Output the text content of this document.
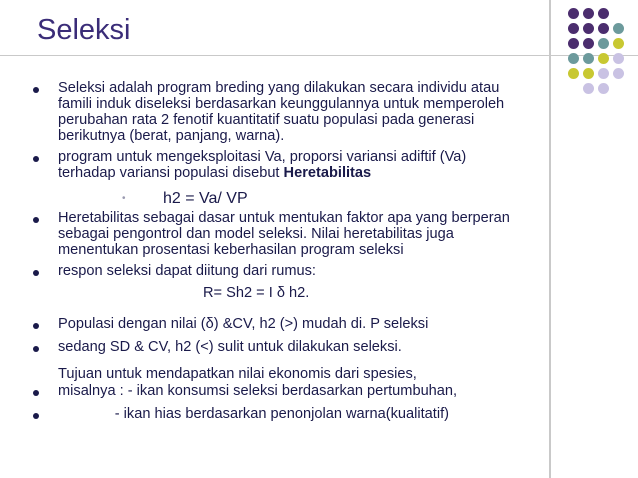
Seleksi
Seleksi adalah program breding yang dilakukan secara individu atau
famili induk diseleksi berdasarkan keunggulannya untuk memperoleh
perubahan rata 2 fenotif kuantitatif suatu populasi pada generasi
berikutnya (berat, panjang, warna).
program untuk mengeksploitasi Va, proporsi variansi adiftif (Va)
terhadap variansi populasi disebut Heretabilitas
• h2 = Va/ VP
Heretabilitas sebagai dasar untuk mentukan faktor apa yang berperan
sebagai pengontrol dan model seleksi. Nilai heretabilitas juga
menentukan prosentasi keberhasilan program seleksi
respon seleksi dapat diitung dari rumus:
R= Sh2 = I δ h2.
Populasi dengan nilai (δ) &CV, h2 (>) mudah di. P seleksi
sedang SD & CV, h2 (<) sulit untuk dilakukan seleksi.
Tujuan untuk mendapatkan nilai ekonomis dari spesies,
misalnya : - ikan konsumsi seleksi berdasarkan pertumbuhan,
- ikan hias berdasarkan penonjolan warna(kualitatif)
